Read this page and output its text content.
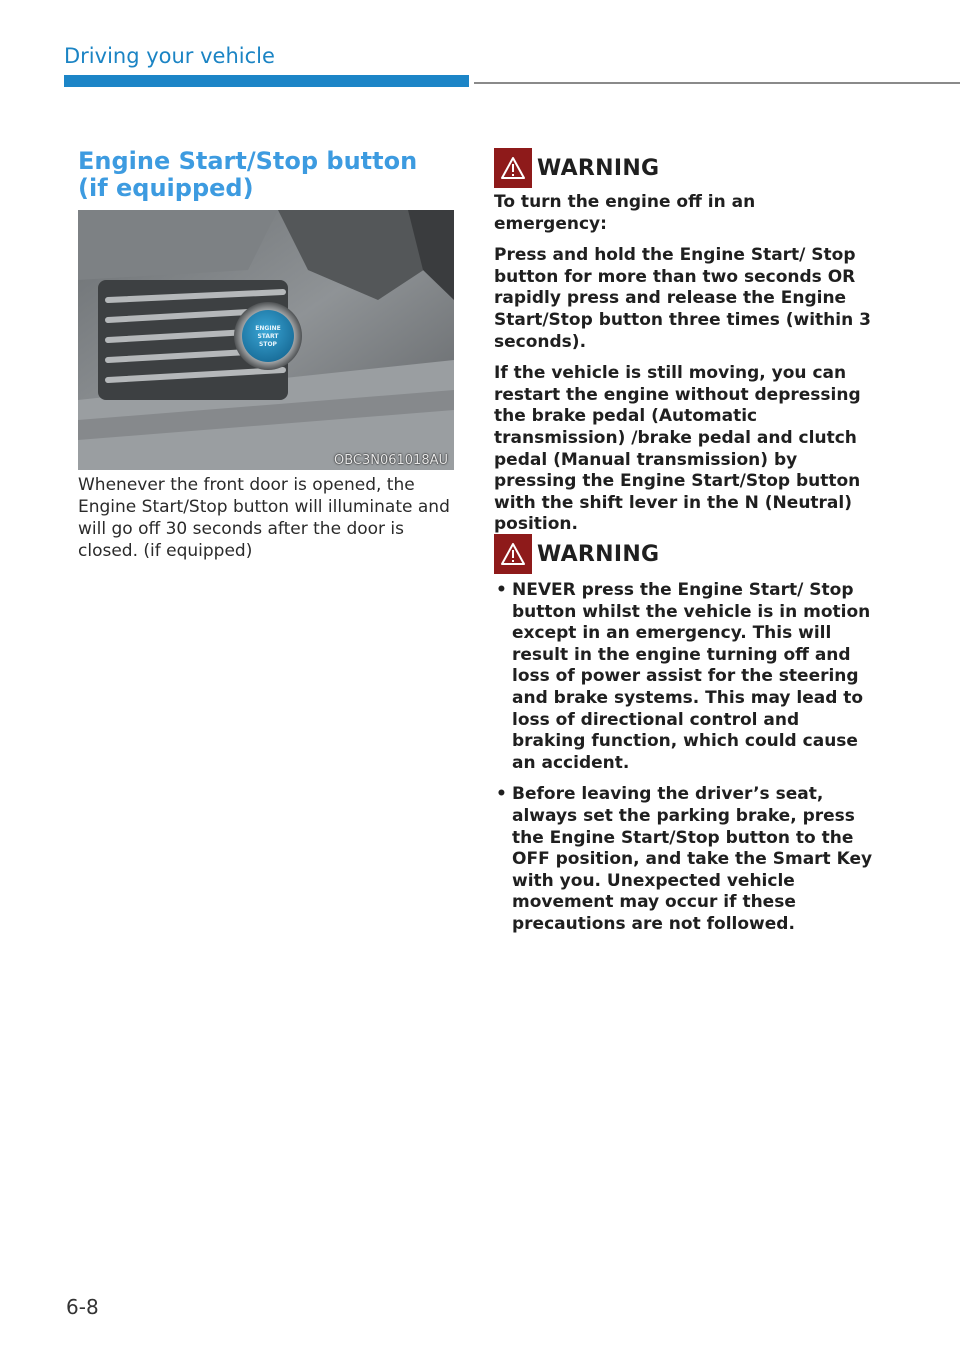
Driving your vehicle
Engine Start/Stop button
(if equipped)
ENGINE
START
STOP
OBC3N061018AU

Whenever the front door is opened, the Engine Start/Stop button will illuminate and will go off 30 seconds after the door is closed. (if equipped)

WARNING

To turn the engine off in an emergency:

Press and hold the Engine Start/ Stop button for more than two seconds OR rapidly press and release the Engine Start/Stop button three times (within 3 seconds).

If the vehicle is still moving, you can restart the engine without depressing the brake pedal (Automatic transmission) /brake pedal and clutch pedal (Manual transmission) by pressing the Engine Start/Stop button with the shift lever in the N (Neutral) position.

WARNING
• NEVER press the Engine Start/ Stop button whilst the vehicle is in motion except in an emergency. This will result in the engine turning off and loss of power assist for the steering and brake systems. This may lead to loss of directional control and braking function, which could cause an accident.
• Before leaving the driver’s seat, always set the parking brake, press the Engine Start/Stop button to the OFF position, and take the Smart Key with you. Unexpected vehicle movement may occur if these precautions are not followed.

6-8
